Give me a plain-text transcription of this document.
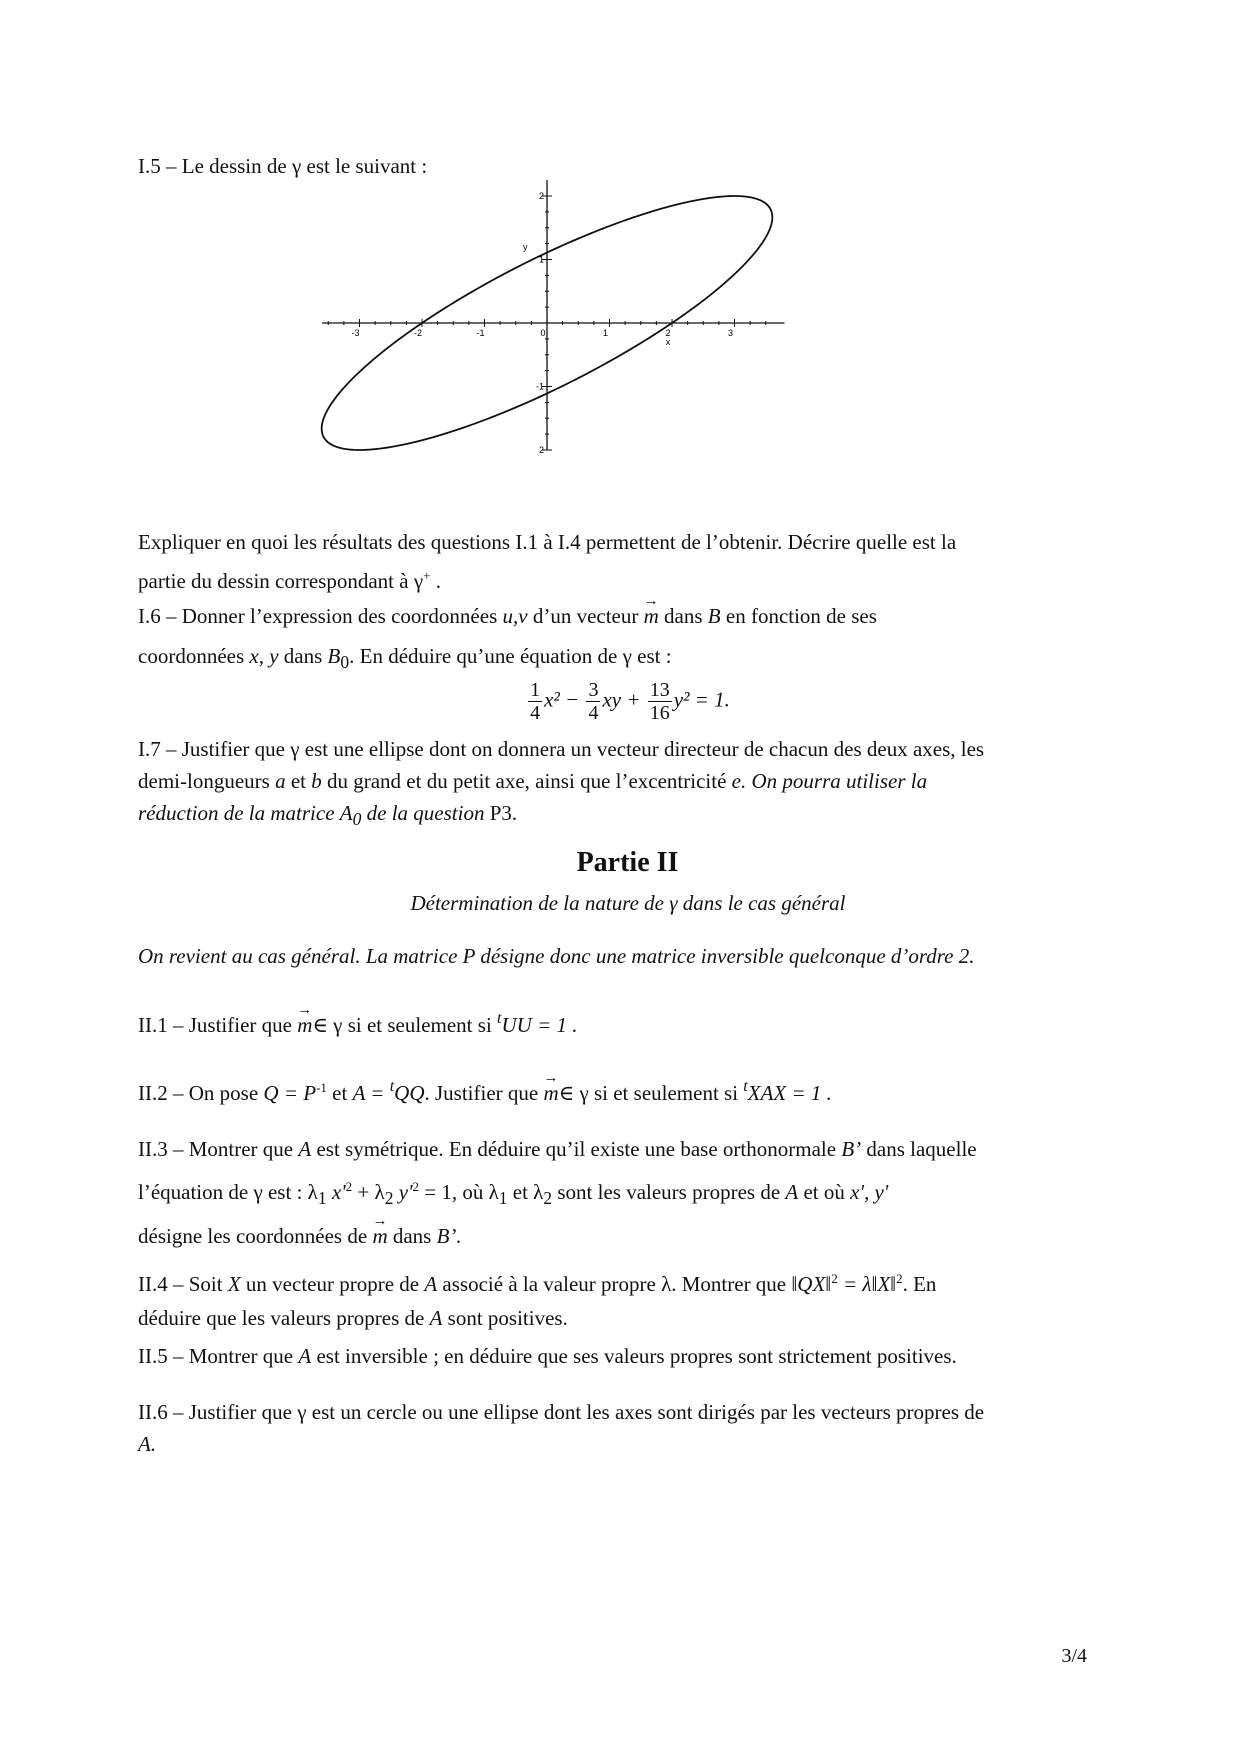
I.5 – Le dessin de γ est le suivant :
-3	-2	-1	0	1	2	3
2
1
-1
2
x
y
Expliquer en quoi les résultats des questions I.1 à I.4 permettent de l’obtenir. Décrire quelle est la
partie du dessin correspondant à γ+ .
I.6 – Donner l’expression des coordonnées u,v d’un vecteur → m dans B en fonction de ses
coordonnées x, y dans $B_0$. En déduire qu’une équation de γ est :
$\frac{1}{4} x^2 - \frac{3}{4}$ xy + $\frac{13}{16} y^2 = 1$.
I.7 – Justifier que γ est une ellipse dont on donnera un vecteur directeur de chacun des deux axes, les
demi-longueurs a et b du grand et du petit axe, ainsi que l’excentricité e. On pourra utiliser la
réduction de la matrice $A_0$ de la question P3.
Partie II
Détermination de la nature de γ dans le cas général
On revient au cas général. La matrice P désigne donc une matrice inversible quelconque d’ordre 2.
II.1 – Justifier que → m∈ γ si et seulement si $^t$UU = 1 .
II.2 – On pose $Q = P^{-1}$ et A = $^t$QQ. Justifier que → m∈ γ si et seulement si $^t$XAX = 1 .
II.3 – Montrer que A est symétrique. En déduire qu’il existe une base orthonormale B’ dans laquelle
l’équation de γ est : $\lambda_1$ $x'^2 + \lambda_2$ $y'^2 = 1$, où $\lambda_1$ et $\lambda_2$ sont les valeurs propres de A et où x', y'
désigne les coordonnées de → m dans B’.
II.4 – Soit X un vecteur propre de A associé à la valeur propre λ. Montrer que ‖QX‖$^2$ = λ‖X‖$^2$. En
déduire que les valeurs propres de A sont positives.
II.5 – Montrer que A est inversible ; en déduire que ses valeurs propres sont strictement positives.
II.6 – Justifier que γ est un cercle ou une ellipse dont les axes sont dirigés par les vecteurs propres de
A.
3/4
